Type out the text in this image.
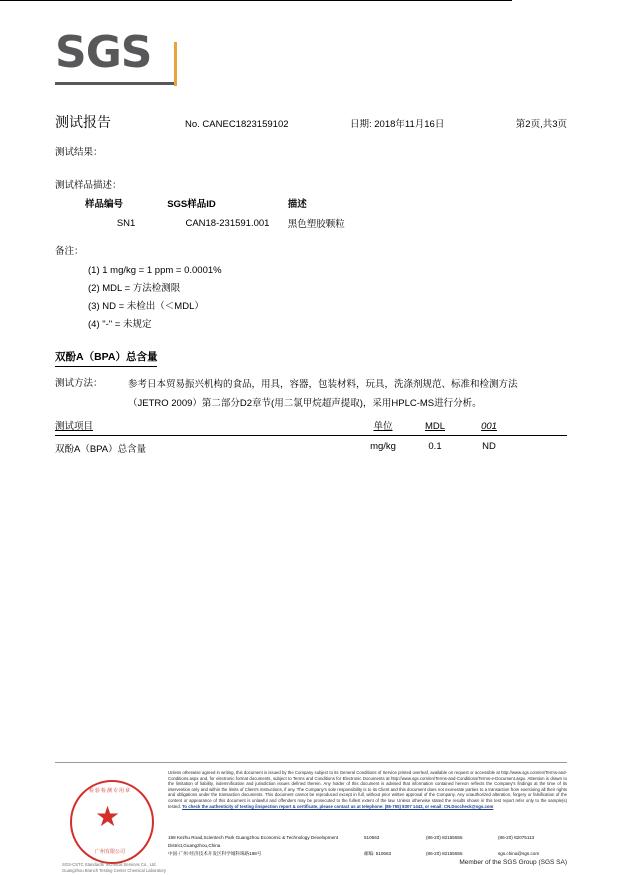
SGS
测试报告	No. CANEC1823159102	日期: 2018年11月16日	第2页,共3页
测试结果：
测试样品描述：
样品编号	SGS样品ID	描述
SN1	CAN18-231591.001	黑色塑胶颗粒
备注：
(1) 1 mg/kg = 1 ppm = 0.0001%
(2) MDL = 方法检测限
(3) ND = 未检出（＜MDL）
(4) "-" = 未规定
双酚A（BPA）总含量
测试方法：	参考日本贸易振兴机构的食品，用具，容器，包装材料，玩具，洗涤剂规范、标准和检测方法（JETRO 2009）第二部分D2章节(用二氯甲烷超声提取)，采用HPLC-MS进行分析。
测试项目	单位	MDL	001
双酚A（BPA）总含量	mg/kg	0.1	ND
检验检测专用章
广州有限公司
SGS-CSTC Standards Technical Services Co., Ltd.
Guangzhou Branch Testing Center Chemical Laboratory
Unless otherwise agreed in writing, this document is issued by the Company subject to its General Conditions of Service printed overleaf, available on request or accessible at http://www.sgs.com/en/Terms-and-Conditions.aspx and, for electronic format documents, subject to Terms and Conditions for Electronic Documents at http://www.sgs.com/en/Terms-and-Conditions/Terms-e-Document.aspx. Attention is drawn to the limitation of liability, indemnification and jurisdiction issues defined therein. Any holder of this document is advised that information contained hereon reflects the Company's findings at the time of its intervention only and within the limits of Client's instructions, if any. The Company's sole responsibility is to its Client and this document does not exonerate parties to a transaction from exercising all their rights and obligations under the transaction documents. This document cannot be reproduced except in full, without prior written approval of the Company. Any unauthorized alteration, forgery or falsification of the content or appearance of this document is unlawful and offenders may be prosecuted to the fullest extent of the law. Unless otherwise stated the results shown in this test report refer only to the sample(s) tested. To check the authenticity of testing /inspection report & certificate, please contact us at telephone: (86-755) 8307 1443, or email: CN.Doccheck@sgs.com
198 Kezhu Road,Scientech Park Guangzhou Economic & Technology Development District,Guangzhou,China
510663	(86-20) 82155555	(86-20) 82075113
中国·广州·经济技术开发区科学城科珠路198号	邮编: 510663	(86-20) 82155555	sgs.china@sgs.com
Member of the SGS Group (SGS SA)
